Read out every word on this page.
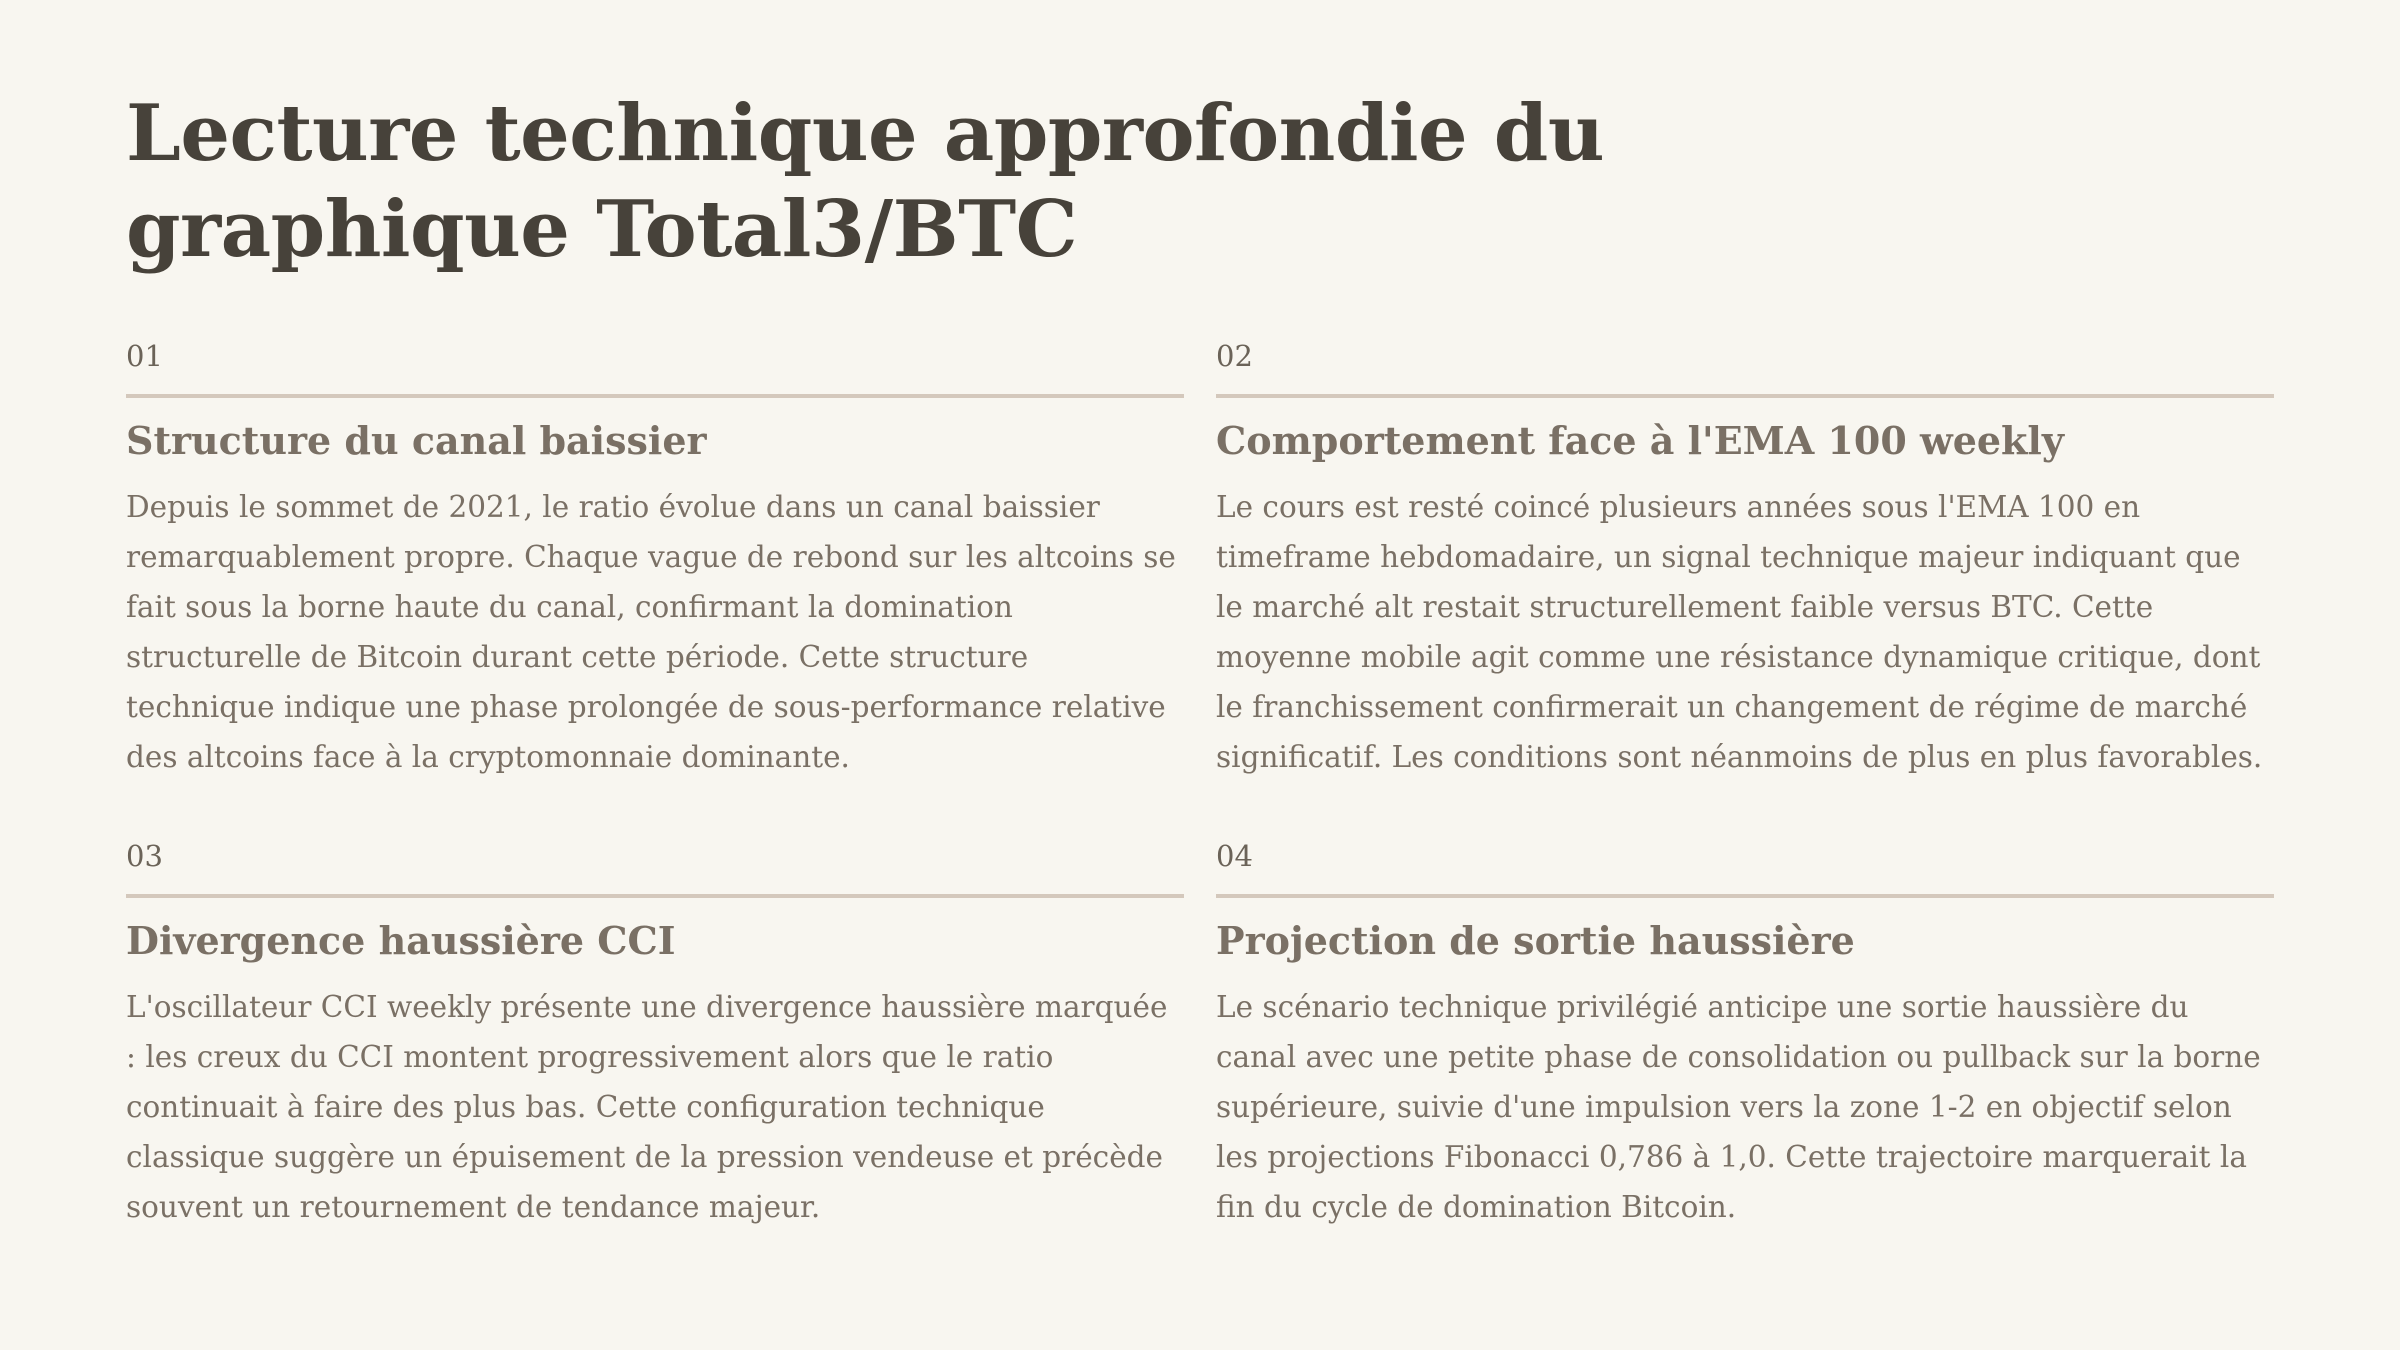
Lecture technique approfondie du graphique Total3/BTC
01
Structure du canal baissier

Depuis le sommet de 2021, le ratio évolue dans un canal baissier remarquablement propre. Chaque vague de rebond sur les altcoins se fait sous la borne haute du canal, confirmant la domination structurelle de Bitcoin durant cette période. Cette structure technique indique une phase prolongée de sous-performance relative des altcoins face à la cryptomonnaie dominante.

02
Comportement face à l'EMA 100 weekly

Le cours est resté coincé plusieurs années sous l'EMA 100 en timeframe hebdomadaire, un signal technique majeur indiquant que le marché alt restait structurellement faible versus BTC. Cette moyenne mobile agit comme une résistance dynamique critique, dont le franchissement confirmerait un changement de régime de marché significatif. Les conditions sont néanmoins de plus en plus favorables.

03
Divergence haussière CCI

L'oscillateur CCI weekly présente une divergence haussière marquée : les creux du CCI montent progressivement alors que le ratio continuait à faire des plus bas. Cette configuration technique classique suggère un épuisement de la pression vendeuse et précède souvent un retournement de tendance majeur.

04
Projection de sortie haussière

Le scénario technique privilégié anticipe une sortie haussière du canal avec une petite phase de consolidation ou pullback sur la borne supérieure, suivie d'une impulsion vers la zone 1-2 en objectif selon les projections Fibonacci 0,786 à 1,0. Cette trajectoire marquerait la fin du cycle de domination Bitcoin.
